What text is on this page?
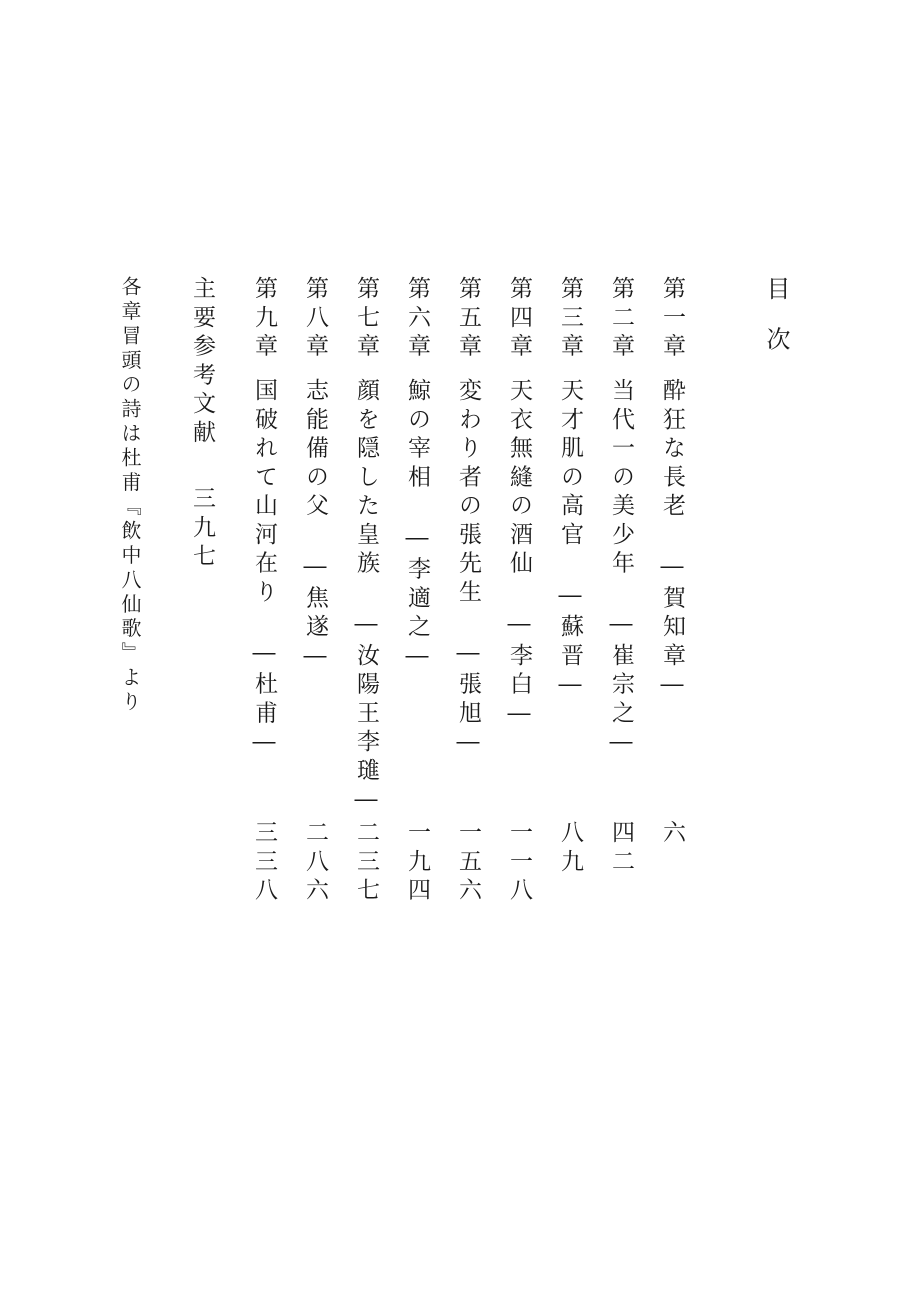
目次
第一章
酔狂な長老 ―賀知章―
六
第二章
当代一の美少年 ―崔宗之―
四二
第三章
天才肌の高官 ―蘇晋―
八九
第四章
天衣無縫の酒仙 ―李白―
一一八
第五章
変わり者の張先生 ―張旭―
一五六
第六章
鯨の宰相 ―李適之―
一九四
第七章
顔を隠した皇族 ―汝陽王李璡―
二三七
第八章
志能備の父 ―焦遂―
二八六
第九章
国破れて山河在り ―杜甫―
三三八
主要参考文献
三九七
各章冒頭の詩は杜甫『飲中八仙歌』より
